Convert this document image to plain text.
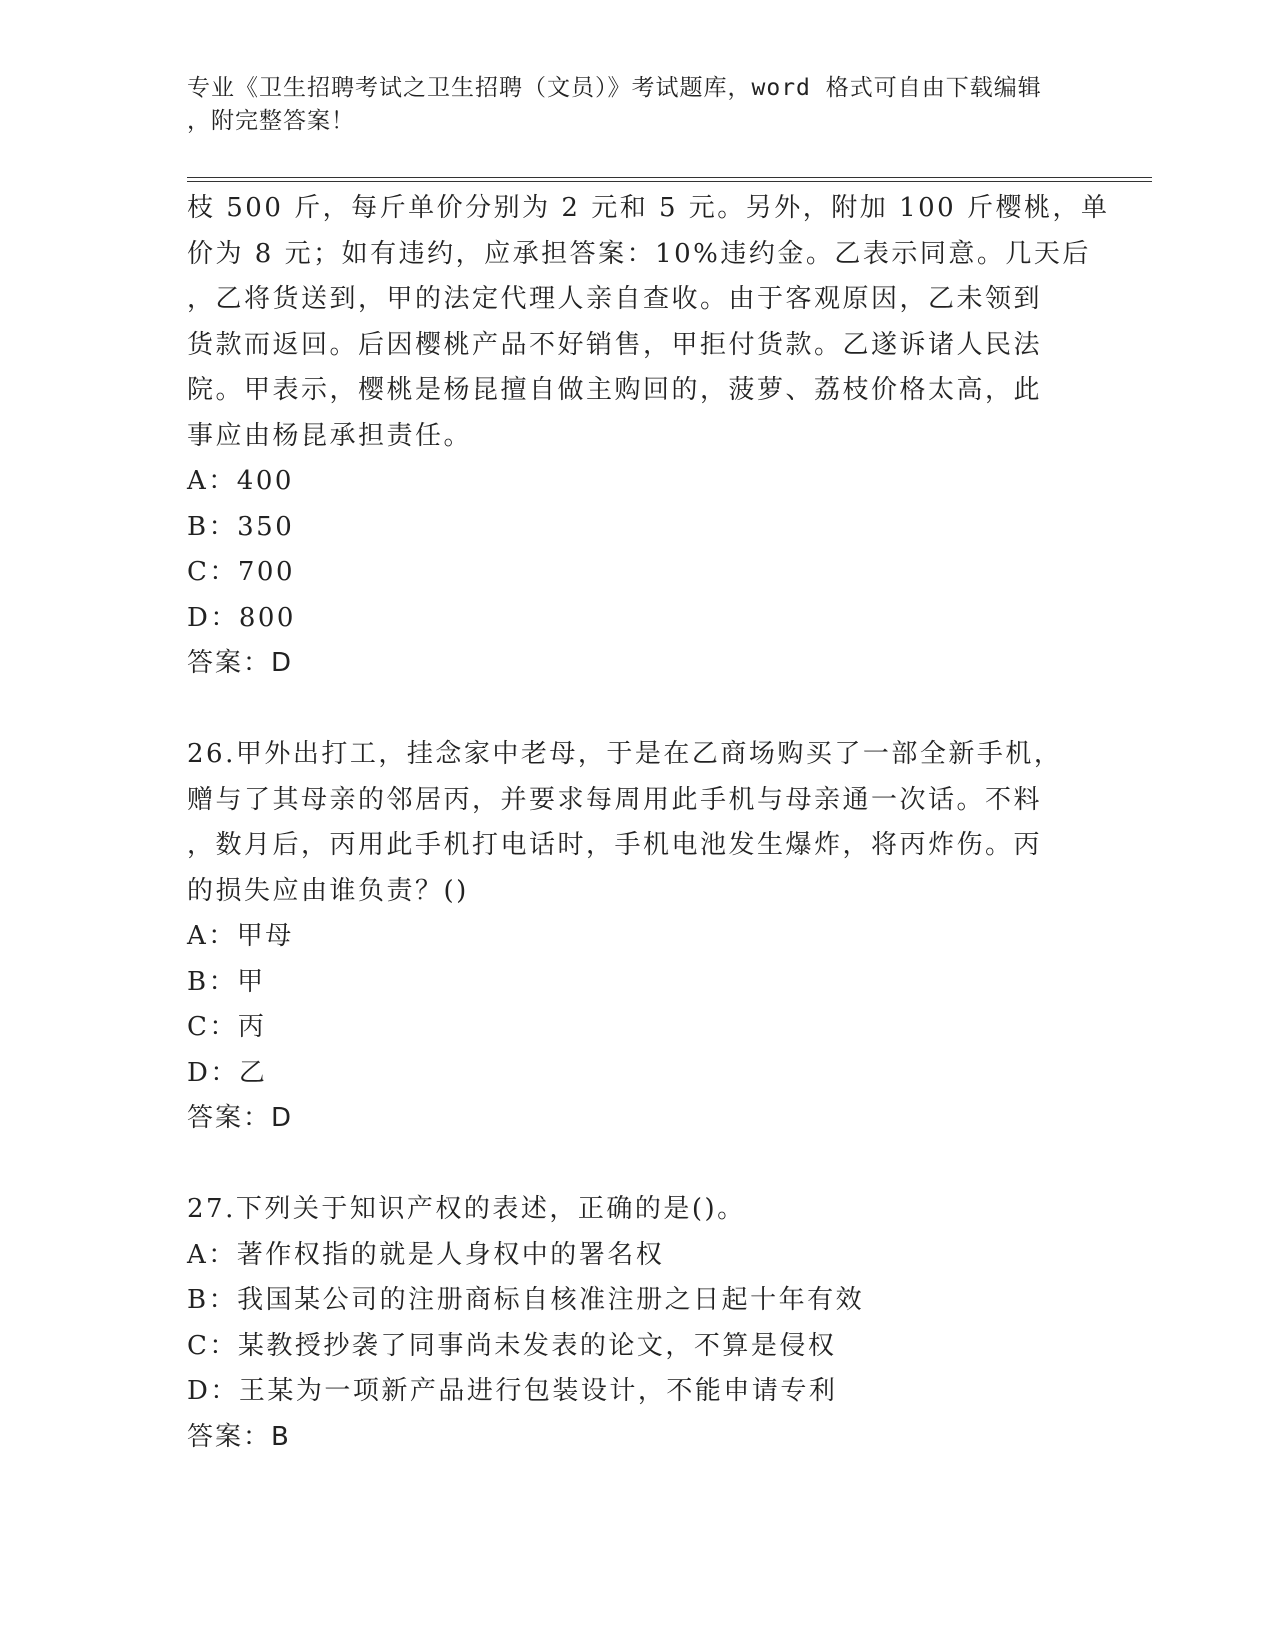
专业《卫生招聘考试之卫生招聘（文员）》考试题库，word 格式可自由下载编辑
，附完整答案！
枝 500 斤，每斤单价分别为 2 元和 5 元。另外，附加 100 斤樱桃，单
价为 8 元；如有违约，应承担答案：10%违约金。乙表示同意。几天后
，乙将货送到，甲的法定代理人亲自查收。由于客观原因，乙未领到
货款而返回。后因樱桃产品不好销售，甲拒付货款。乙遂诉诸人民法
院。甲表示，樱桃是杨昆擅自做主购回的，菠萝、荔枝价格太高，此
事应由杨昆承担责任。
A：400
B：350
C：700
D：800
答案：D
26.甲外出打工，挂念家中老母，于是在乙商场购买了一部全新手机，
赠与了其母亲的邻居丙，并要求每周用此手机与母亲通一次话。不料
，数月后，丙用此手机打电话时，手机电池发生爆炸，将丙炸伤。丙
的损失应由谁负责？()
A：甲母
B：甲
C：丙
D：乙
答案：D
27.下列关于知识产权的表述，正确的是()。
A：著作权指的就是人身权中的署名权
B：我国某公司的注册商标自核准注册之日起十年有效
C：某教授抄袭了同事尚未发表的论文，不算是侵权
D：王某为一项新产品进行包装设计，不能申请专利
答案：B
